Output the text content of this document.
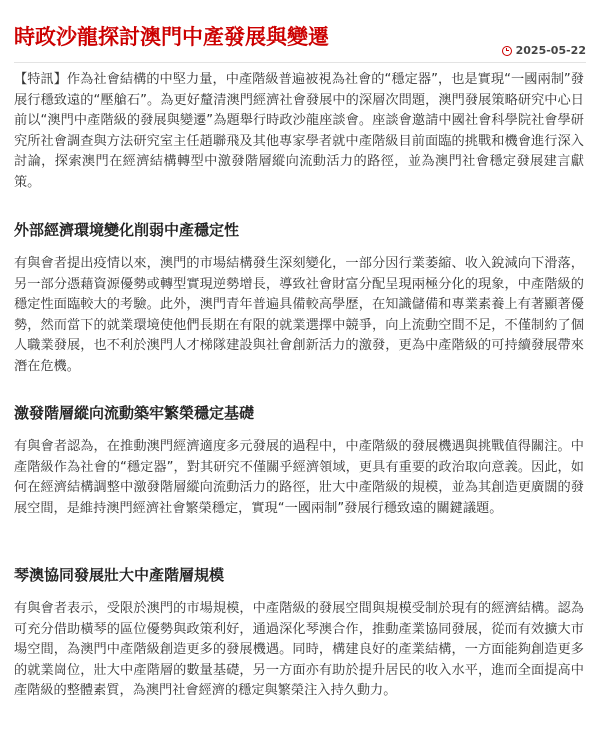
時政沙龍探討澳門中產發展與變遷
2025-05-22

【特訊】作為社會結構的中堅力量，中產階級普遍被視為社會的“穩定器”，也是實現“一國兩制”發展行穩致遠的“壓艙石”。為更好釐清澳門經濟社會發展中的深層次問題，澳門發展策略研究中心日前以“澳門中產階級的發展與變遷”為題舉行時政沙龍座談會。座談會邀請中國社會科學院社會學研究所社會調查與方法研究室主任趙聯飛及其他專家學者就中產階級目前面臨的挑戰和機會進行深入討論，探索澳門在經濟結構轉型中激發階層縱向流動活力的路徑，並為澳門社會穩定發展建言獻策。

外部經濟環境變化削弱中產穩定性

有與會者提出疫情以來，澳門的市場結構發生深刻變化，一部分因行業萎縮、收入銳減向下滑落，另一部分憑藉資源優勢或轉型實現逆勢增長，導致社會財富分配呈現兩極分化的現象，中產階級的穩定性面臨較大的考驗。此外，澳門青年普遍具備較高學歷，在知識儲備和專業素養上有著顯著優勢，然而當下的就業環境使他們長期在有限的就業選擇中競爭，向上流動空間不足，不僅制約了個人職業發展，也不利於澳門人才梯隊建設與社會創新活力的激發，更為中產階級的可持續發展帶來潛在危機。

激發階層縱向流動築牢繁榮穩定基礎

有與會者認為，在推動澳門經濟適度多元發展的過程中，中產階級的發展機遇與挑戰值得關注。中產階級作為社會的“穩定器”，對其研究不僅關乎經濟領域，更具有重要的政治取向意義。因此，如何在經濟結構調整中激發階層縱向流動活力的路徑，壯大中產階級的規模，並為其創造更廣闊的發展空間，是維持澳門經濟社會繁榮穩定，實現“一國兩制”發展行穩致遠的關鍵議題。

琴澳協同發展壯大中產階層規模

有與會者表示，受限於澳門的市場規模，中產階級的發展空間與規模受制於現有的經濟結構。認為可充分借助橫琴的區位優勢與政策利好，通過深化琴澳合作，推動產業協同發展，從而有效擴大市場空間，為澳門中產階級創造更多的發展機遇。同時，構建良好的產業結構，一方面能夠創造更多的就業崗位，壯大中產階層的數量基礎，另一方面亦有助於提升居民的收入水平，進而全面提高中產階級的整體素質，為澳門社會經濟的穩定與繁榮注入持久動力。
